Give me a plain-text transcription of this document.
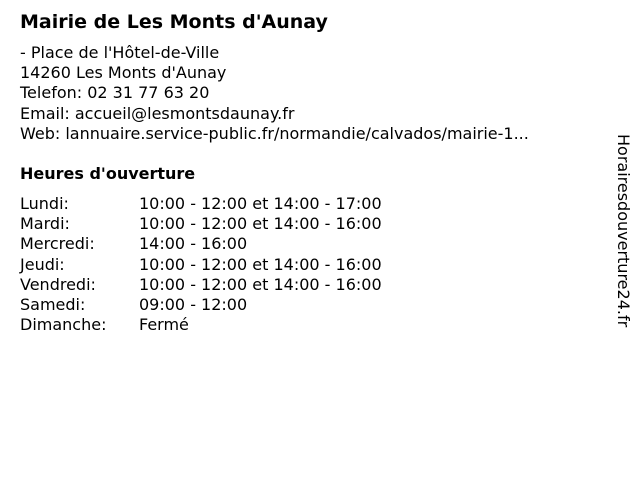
Mairie de Les Monts d'Aunay
- Place de l'Hôtel-de-Ville
14260 Les Monts d'Aunay
Telefon: 02 31 77 63 20
Email: accueil@lesmontsdaunay.fr
Web: lannuaire.service-public.fr/normandie/calvados/mairie-1...
Heures d'ouverture
Lundi:	10:00 - 12:00 et 14:00 - 17:00
Mardi:	10:00 - 12:00 et 14:00 - 16:00
Mercredi:	14:00 - 16:00
Jeudi:	10:00 - 12:00 et 14:00 - 16:00
Vendredi:	10:00 - 12:00 et 14:00 - 16:00
Samedi:	09:00 - 12:00
Dimanche: Fermé	Horairesdouverture24.fr
